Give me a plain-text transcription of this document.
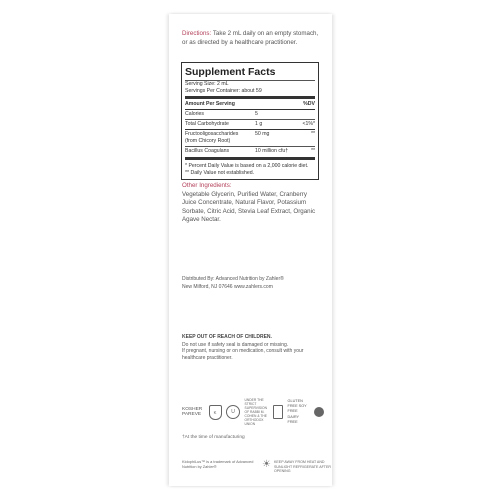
Directions: Take 2 mL daily on an empty stomach, or as directed by a healthcare practitioner.
Supplement Facts
Serving Size: 2 mL
Servings Per Container: about 59
Amount Per Serving	%DV
Calories	5
Total Carbohydrate	1 g	<1%*
Fructooligosaccharides
(from Chicory Root)
50 mg	**
Bacillus Coagulans	10 million cfu†	**
* Percent Daily Value is based on a 2,000 calorie diet.
** Daily Value not established.
Other Ingredients:
Vegetable Glycerin, Purified Water, Cranberry Juice Concentrate, Natural Flavor, Potassium Sorbate, Citric Acid, Stevia Leaf Extract, Organic Agave Nectar.
Distributed By: Advanced Nutrition by Zahler®
New Milford, NJ 07646 www.zahlers.com
KEEP OUT OF REACH OF CHILDREN.
Do not use if safety seal is damaged or missing.
If pregnant, nursing or on medication, consult with your healthcare practitioner.
KOSHER PAREVE	K	U
UNDER THE STRICT SUPERVISION OF RABBI M. COHEN & THE ORTHODOX UNION
GLUTEN FREE SOY FREE DAIRY FREE
†At the time of manufacturing
KidophiLus™ is a trademark of Advanced Nutrition by Zahler®	☀ KEEP AWAY FROM HEAT AND SUNLIGHT REFRIGERATE AFTER OPENING
